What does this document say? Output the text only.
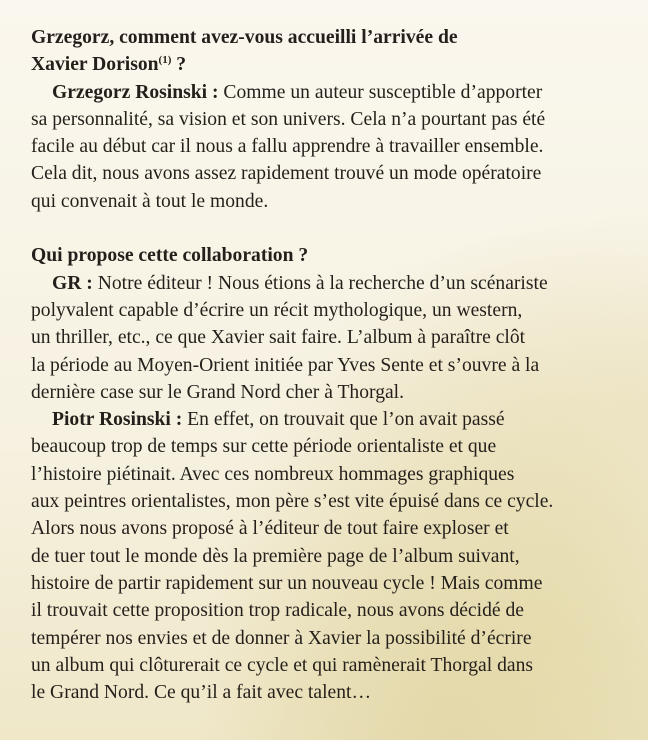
Grzegorz, comment avez-vous accueilli l’arrivée de
Xavier Dorison$^{(1)}$ ?
Grzegorz Rosinski : Comme un auteur susceptible d’apporter
sa personnalité, sa vision et son univers. Cela n’a pourtant pas été
facile au début car il nous a fallu apprendre à travailler ensemble.
Cela dit, nous avons assez rapidement trouvé un mode opératoire
qui convenait à tout le monde.
Qui propose cette collaboration ?
GR : Notre éditeur ! Nous étions à la recherche d’un scénariste
polyvalent capable d’écrire un récit mythologique, un western,
un thriller, etc., ce que Xavier sait faire. L’album à paraître clôt
la période au Moyen-Orient initiée par Yves Sente et s’ouvre à la
dernière case sur le Grand Nord cher à Thorgal.
Piotr Rosinski : En effet, on trouvait que l’on avait passé
beaucoup trop de temps sur cette période orientaliste et que
l’histoire piétinait. Avec ces nombreux hommages graphiques
aux peintres orientalistes, mon père s’est vite épuisé dans ce cycle.
Alors nous avons proposé à l’éditeur de tout faire exploser et
de tuer tout le monde dès la première page de l’album suivant,
histoire de partir rapidement sur un nouveau cycle ! Mais comme
il trouvait cette proposition trop radicale, nous avons décidé de
tempérer nos envies et de donner à Xavier la possibilité d’écrire
un album qui clôturerait ce cycle et qui ramènerait Thorgal dans
le Grand Nord. Ce qu’il a fait avec talent…
